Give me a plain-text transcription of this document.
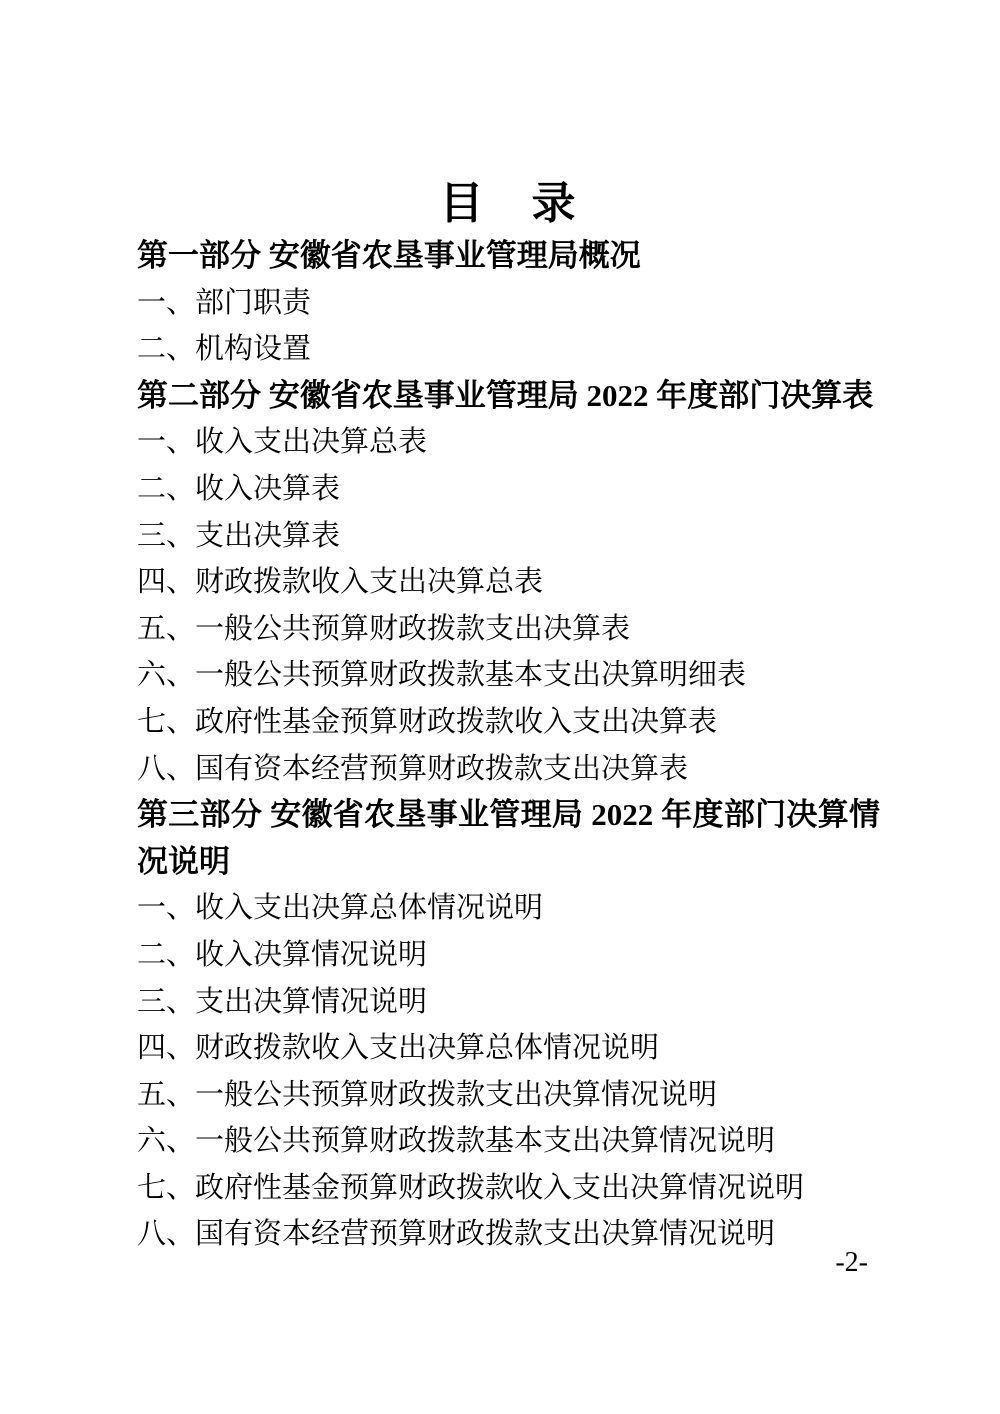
目　录

第一部分 安徽省农垦事业管理局概况

一、部门职责

二、机构设置

第二部分 安徽省农垦事业管理局 2022 年度部门决算表

一、收入支出决算总表

二、收入决算表

三、支出决算表

四、财政拨款收入支出决算总表

五、一般公共预算财政拨款支出决算表

六、一般公共预算财政拨款基本支出决算明细表

七、政府性基金预算财政拨款收入支出决算表

八、国有资本经营预算财政拨款支出决算表

第三部分 安徽省农垦事业管理局 2022 年度部门决算情况说明

一、收入支出决算总体情况说明

二、收入决算情况说明

三、支出决算情况说明

四、财政拨款收入支出决算总体情况说明

五、一般公共预算财政拨款支出决算情况说明

六、一般公共预算财政拨款基本支出决算情况说明

七、政府性基金预算财政拨款收入支出决算情况说明

八、国有资本经营预算财政拨款支出决算情况说明

-2-
